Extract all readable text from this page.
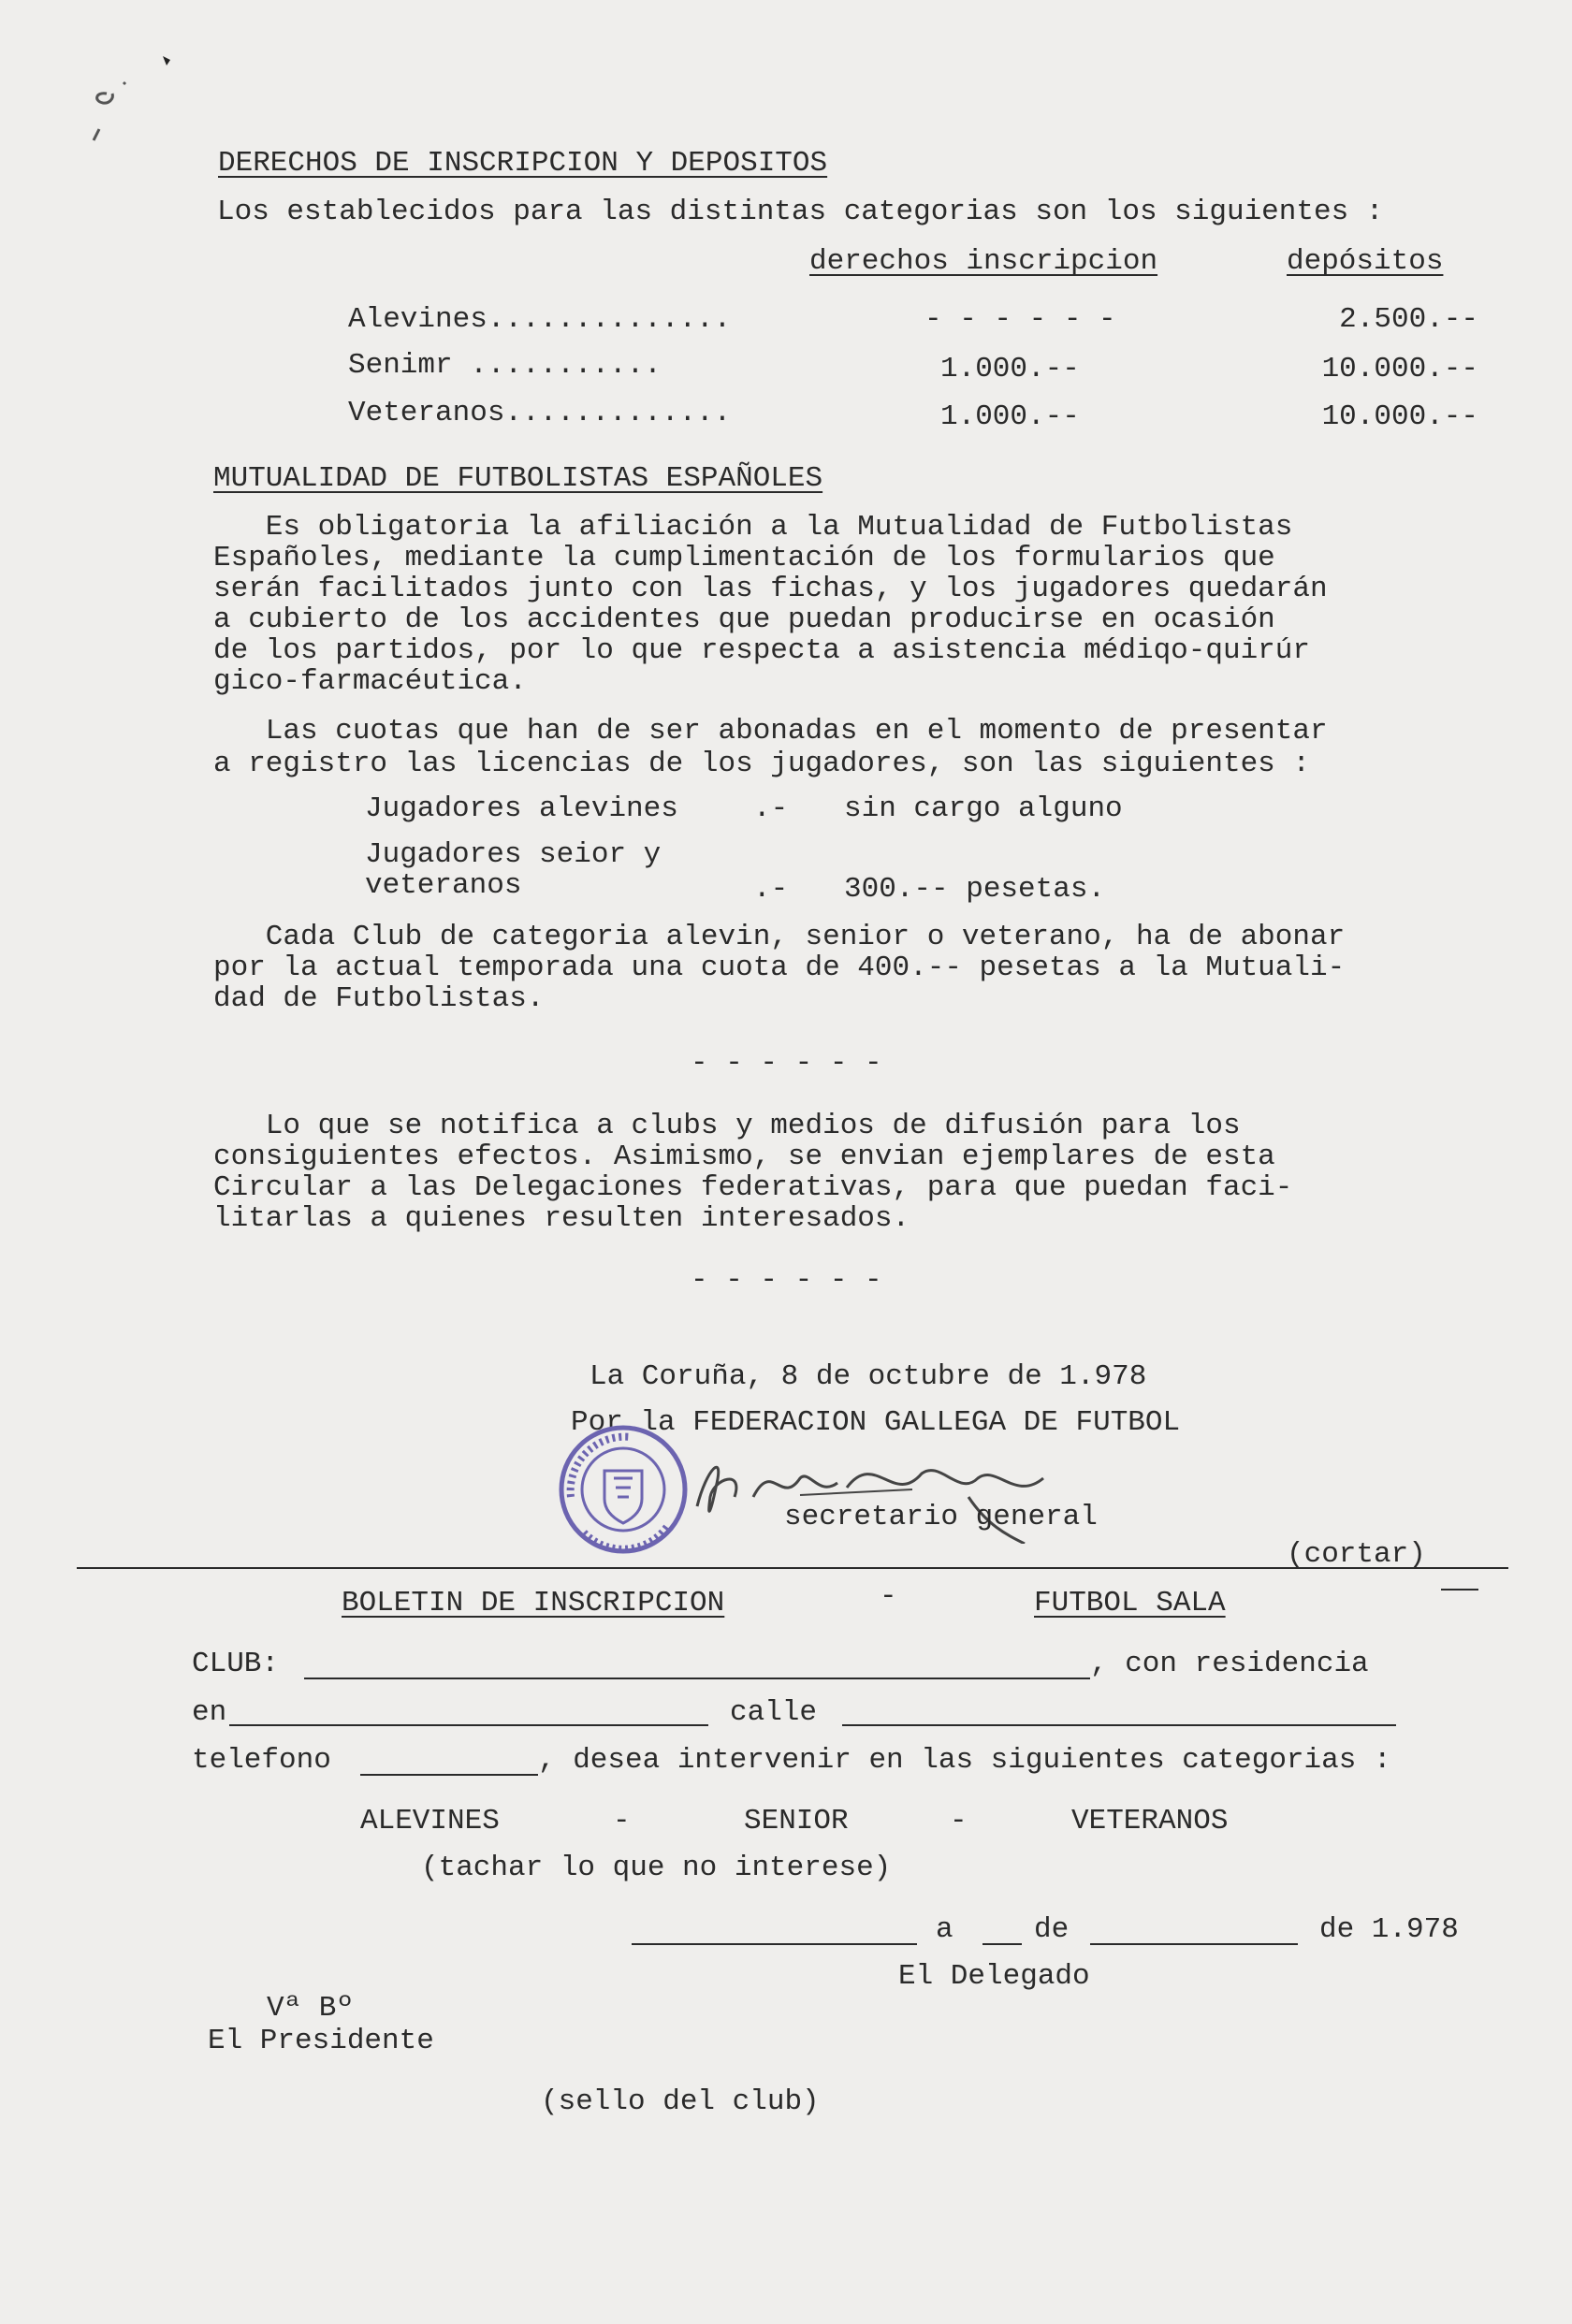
DERECHOS DE INSCRIPCION Y DEPOSITOS
Los establecidos para las distintas categorias son los siguientes :
derechos inscripcion	depósitos
Alevines..............	- - - - - -	2.500.--
Senimr ...........	1.000.--	10.000.--
Veteranos.............	1.000.--	10.000.--
MUTUALIDAD DE FUTBOLISTAS ESPAÑOLES
Es obligatoria la afiliación a la Mutualidad de Futbolistas
Españoles, mediante la cumplimentación de los formularios que
serán facilitados junto con las fichas, y los jugadores quedarán
a cubierto de los accidentes que puedan producirse en ocasión
de los partidos, por lo que respecta a asistencia médiqo-quirúr
gico-farmacéutica.
Las cuotas que han de ser abonadas en el momento de presentar
a registro las licencias de los jugadores, son las siguientes :
Jugadores alevines	.- sin cargo alguno
Jugadores seior y
veteranos	.- 300.-- pesetas.
Cada Club de categoria alevin, senior o veterano, ha de abonar
por la actual temporada una cuota de 400.-- pesetas a la Mutuali-
dad de Futbolistas.
- - - - - -
Lo que se notifica a clubs y medios de difusión para los
consiguientes efectos. Asimismo, se envian ejemplares de esta
Circular a las Delegaciones federativas, para que puedan faci-
litarlas a quienes resulten interesados.
- - - - - -
La Coruña, 8 de octubre de 1.978
Por la FEDERACION GALLEGA DE FUTBOL
secretario general
(cortar)
BOLETIN DE INSCRIPCION	-	FUTBOL SALA
CLUB:	, con residencia
en	calle
telefono	, desea intervenir en las siguientes categorias :
ALEVINES	-	SENIOR	-	VETERANOS
(tachar lo que no interese)
a	de	de 1.978
El Delegado
Vª Bº
El Presidente
(sello del club)
